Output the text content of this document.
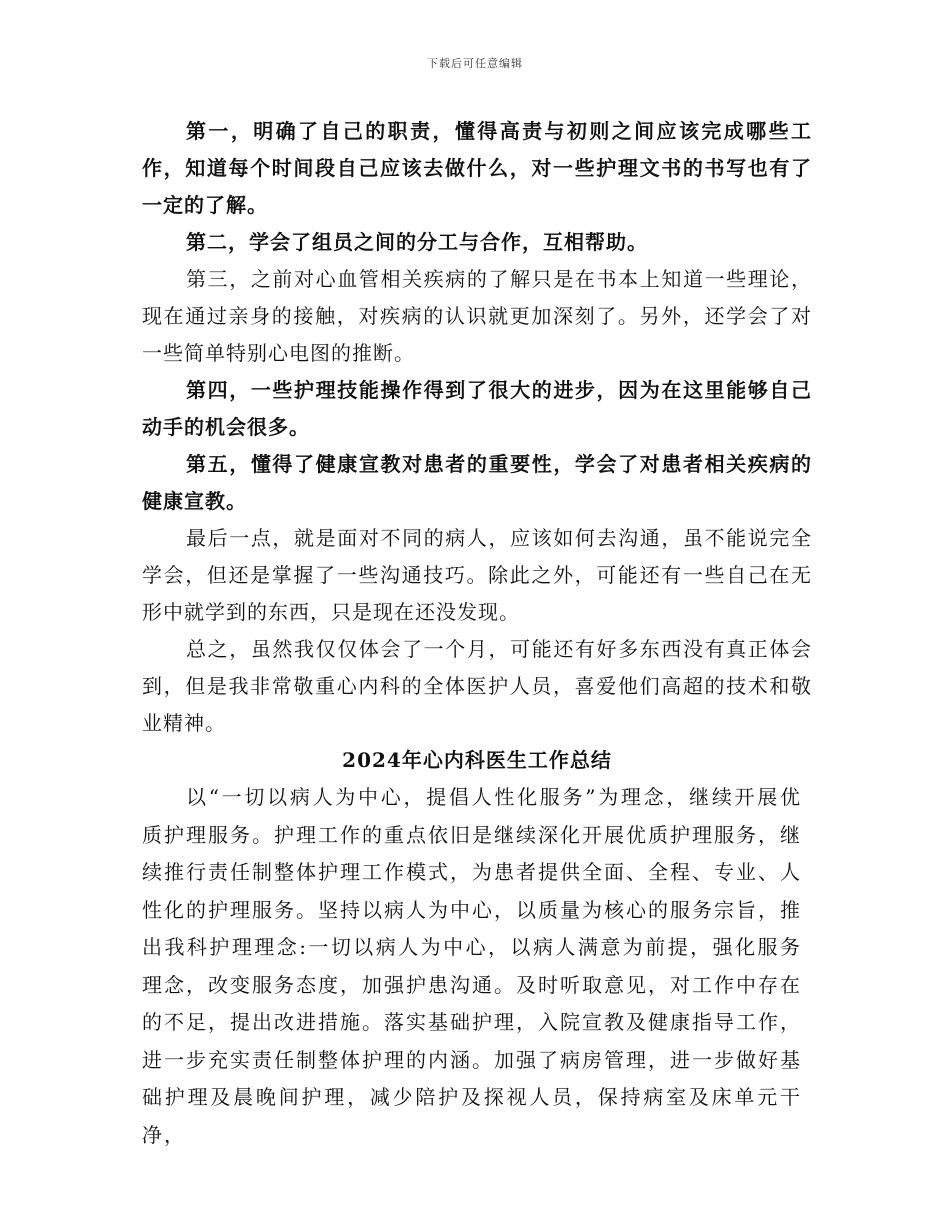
下载后可任意编辑

第一，明确了自己的职责，懂得高责与初则之间应该完成哪些工作，知道每个时间段自己应该去做什么，对一些护理文书的书写也有了一定的了解。

第二，学会了组员之间的分工与合作，互相帮助。

第三，之前对心血管相关疾病的了解只是在书本上知道一些理论，现在通过亲身的接触，对疾病的认识就更加深刻了。另外，还学会了对一些简单特别心电图的推断。

第四，一些护理技能操作得到了很大的进步，因为在这里能够自己动手的机会很多。

第五，懂得了健康宣教对患者的重要性，学会了对患者相关疾病的健康宣教。

最后一点，就是面对不同的病人，应该如何去沟通，虽不能说完全学会，但还是掌握了一些沟通技巧。除此之外，可能还有一些自己在无形中就学到的东西，只是现在还没发现。

总之，虽然我仅仅体会了一个月，可能还有好多东西没有真正体会到，但是我非常敬重心内科的全体医护人员，喜爱他们高超的技术和敬业精神。

2024年心内科医生工作总结

以“一切以病人为中心，提倡人性化服务”为理念，继续开展优质护理服务。护理工作的重点依旧是继续深化开展优质护理服务，继续推行责任制整体护理工作模式，为患者提供全面、全程、专业、人性化的护理服务。坚持以病人为中心，以质量为核心的服务宗旨，推出我科护理理念:一切以病人为中心，以病人满意为前提，强化服务理念，改变服务态度，加强护患沟通。及时听取意见，对工作中存在的不足，提出改进措施。落实基础护理，入院宣教及健康指导工作，进一步充实责任制整体护理的内涵。加强了病房管理，进一步做好基础护理及晨晚间护理，减少陪护及探视人员，保持病室及床单元干净，
